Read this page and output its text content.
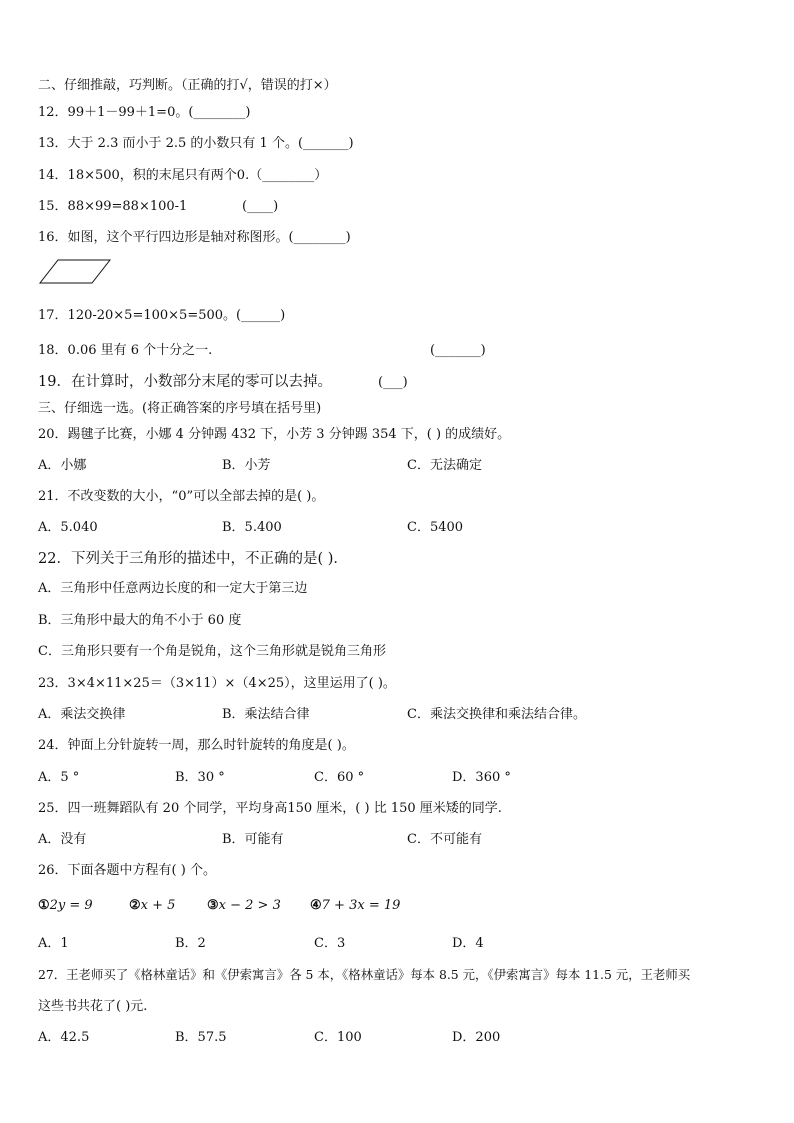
二、仔细推敲，巧判断。（正确的打√，错误的打×）
12．99＋1－99＋1=0。(________)
13．大于 2.3 而小于 2.5 的小数只有 1 个。(_______)
14．18×500，积的末尾只有两个0.（________）
15．88×99=88×100-1	(____)
16．如图，这个平行四边形是轴对称图形。(________)
17．120-20×5=100×5=500。(______)
18．0.06 里有 6 个十分之一.	(_______)
19．在计算时，小数部分末尾的零可以去掉。	(___)
三、仔细选一选。(将正确答案的序号填在括号里)
20．踢毽子比赛，小娜 4 分钟踢 432 下，小芳 3 分钟踢 354 下，( ) 的成绩好。
A．小娜	B．小芳	C．无法确定
21．不改变数的大小，“0”可以全部去掉的是( )。
A．5.040	B．5.400	C．5400
22．下列关于三角形的描述中，不正确的是( )．
A．三角形中任意两边长度的和一定大于第三边
B．三角形中最大的角不小于 60 度
C．三角形只要有一个角是锐角，这个三角形就是锐角三角形
23．3×4×11×25＝（3×11）×（4×25），这里运用了( )。
A．乘法交换律	B．乘法结合律	C．乘法交换律和乘法结合律。
24．钟面上分针旋转一周，那么时针旋转的角度是( )。
A．5 °	B．30 °	C．60 °	D．360 °
25．四一班舞蹈队有 20 个同学，平均身高150 厘米，( ) 比 150 厘米矮的同学.
A．没有	B．可能有	C．不可能有
26．下面各题中方程有( ) 个。
①2y = 9	②x + 5 ③x − 2 > 3 ④7 + 3x = 19
A．1	B．2	C．3	D．4
27．王老师买了《格林童话》和《伊索寓言》各 5 本，《格林童话》每本 8.5 元，《伊索寓言》每本 11.5 元，王老师买
这些书共花了( )元.
A．42.5	B．57.5	C．100	D．200
